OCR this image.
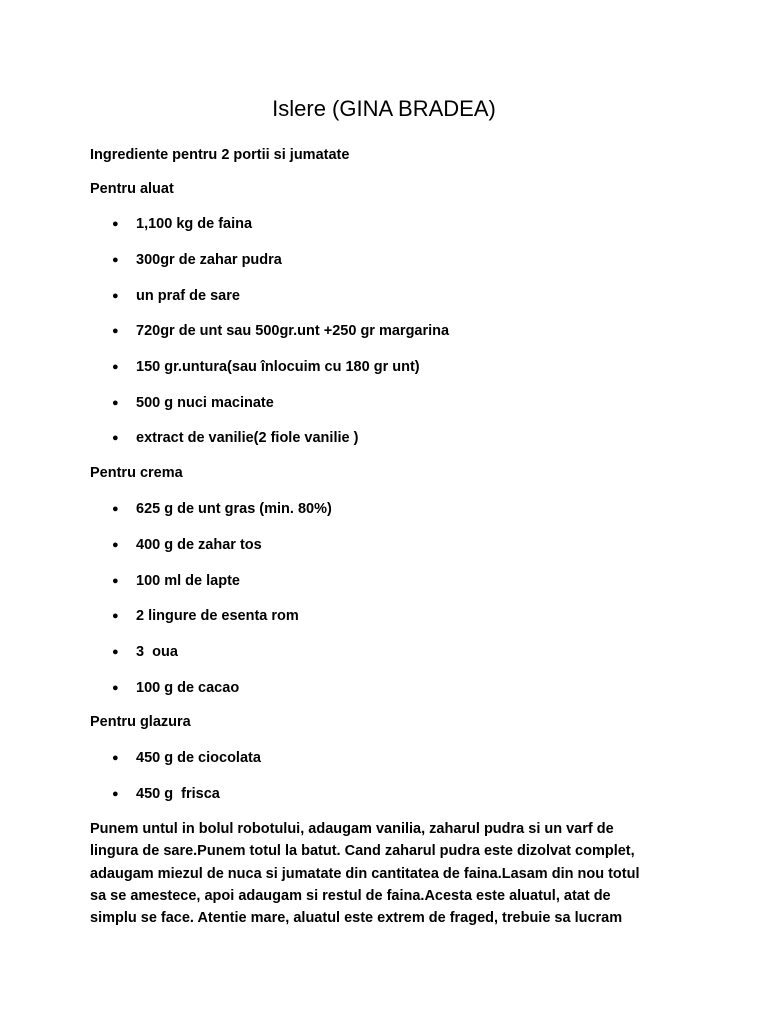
Islere (GINA BRADEA)
Ingrediente pentru 2 portii si jumatate
Pentru aluat
● 1,100 kg de faina
● 300gr de zahar pudra
● un praf de sare
● 720gr de unt sau 500gr.unt +250 gr margarina
● 150 gr.untura(sau înlocuim cu 180 gr unt)
● 500 g nuci macinate
● extract de vanilie(2 fiole vanilie )
Pentru crema
● 625 g de unt gras (min. 80%)
● 400 g de zahar tos
● 100 ml de lapte
● 2 lingure de esenta rom
● 3  oua
● 100 g de cacao
Pentru glazura
● 450 g de ciocolata
● 450 g  frisca
Punem untul in bolul robotului, adaugam vanilia, zaharul pudra si un varf de
lingura de sare.Punem totul la batut. Cand zaharul pudra este dizolvat complet,
adaugam miezul de nuca si jumatate din cantitatea de faina.Lasam din nou totul
sa se amestece, apoi adaugam si restul de faina.Acesta este aluatul, atat de
simplu se face. Atentie mare, aluatul este extrem de fraged, trebuie sa lucram
